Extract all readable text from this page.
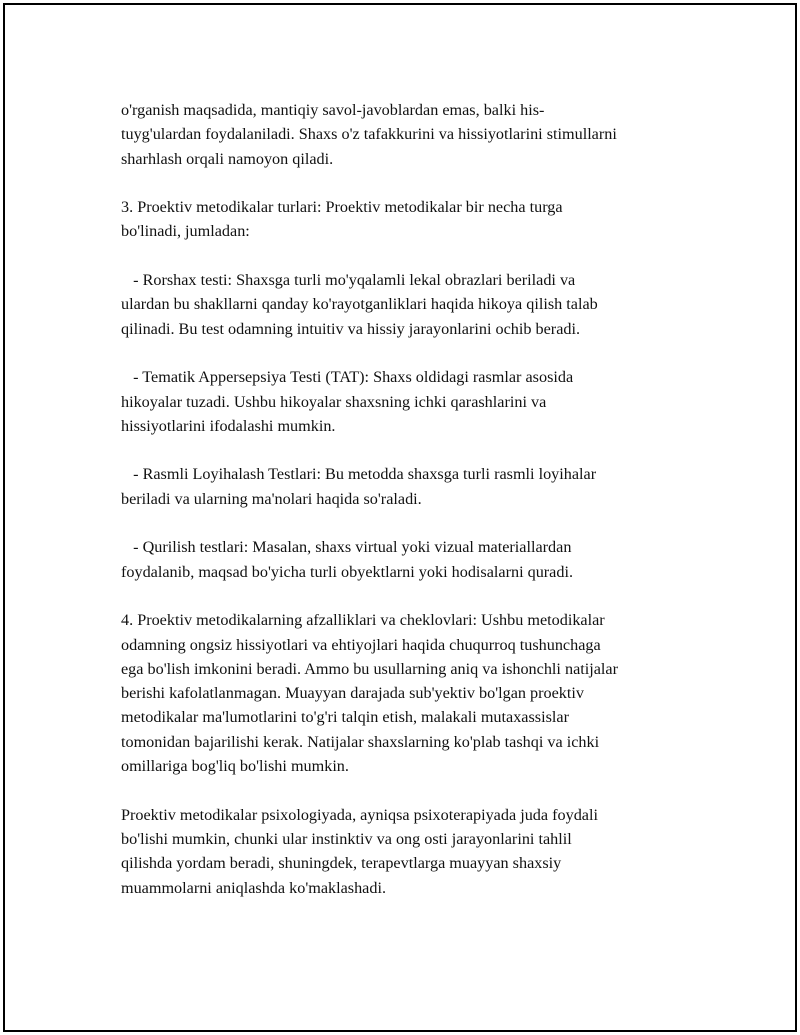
o'rganish maqsadida, mantiqiy savol-javoblardan emas, balki his-
tuyg'ulardan foydalaniladi. Shaxs o'z tafakkurini va hissiyotlarini stimullarni
sharhlash orqali namoyon qiladi.
3. Proektiv metodikalar turlari: Proektiv metodikalar bir necha turga
bo'linadi, jumladan:
- Rorshax testi: Shaxsga turli mo'yqalamli lekal obrazlari beriladi va
ulardan bu shakllarni qanday ko'rayotganliklari haqida hikoya qilish talab
qilinadi. Bu test odamning intuitiv va hissiy jarayonlarini ochib beradi.
- Tematik Appersepsiya Testi (TAT): Shaxs oldidagi rasmlar asosida
hikoyalar tuzadi. Ushbu hikoyalar shaxsning ichki qarashlarini va
hissiyotlarini ifodalashi mumkin.
- Rasmli Loyihalash Testlari: Bu metodda shaxsga turli rasmli loyihalar
beriladi va ularning ma'nolari haqida so'raladi.
- Qurilish testlari: Masalan, shaxs virtual yoki vizual materiallardan
foydalanib, maqsad bo'yicha turli obyektlarni yoki hodisalarni quradi.
4. Proektiv metodikalarning afzalliklari va cheklovlari: Ushbu metodikalar
odamning ongsiz hissiyotlari va ehtiyojlari haqida chuqurroq tushunchaga
ega bo'lish imkonini beradi. Ammo bu usullarning aniq va ishonchli natijalar
berishi kafolatlanmagan. Muayyan darajada sub'yektiv bo'lgan proektiv
metodikalar ma'lumotlarini to'g'ri talqin etish, malakali mutaxassislar
tomonidan bajarilishi kerak. Natijalar shaxslarning ko'plab tashqi va ichki
omillariga bog'liq bo'lishi mumkin.
Proektiv metodikalar psixologiyada, ayniqsa psixoterapiyada juda foydali
bo'lishi mumkin, chunki ular instinktiv va ong osti jarayonlarini tahlil
qilishda yordam beradi, shuningdek, terapevtlarga muayyan shaxsiy
muammolarni aniqlashda ko'maklashadi.
